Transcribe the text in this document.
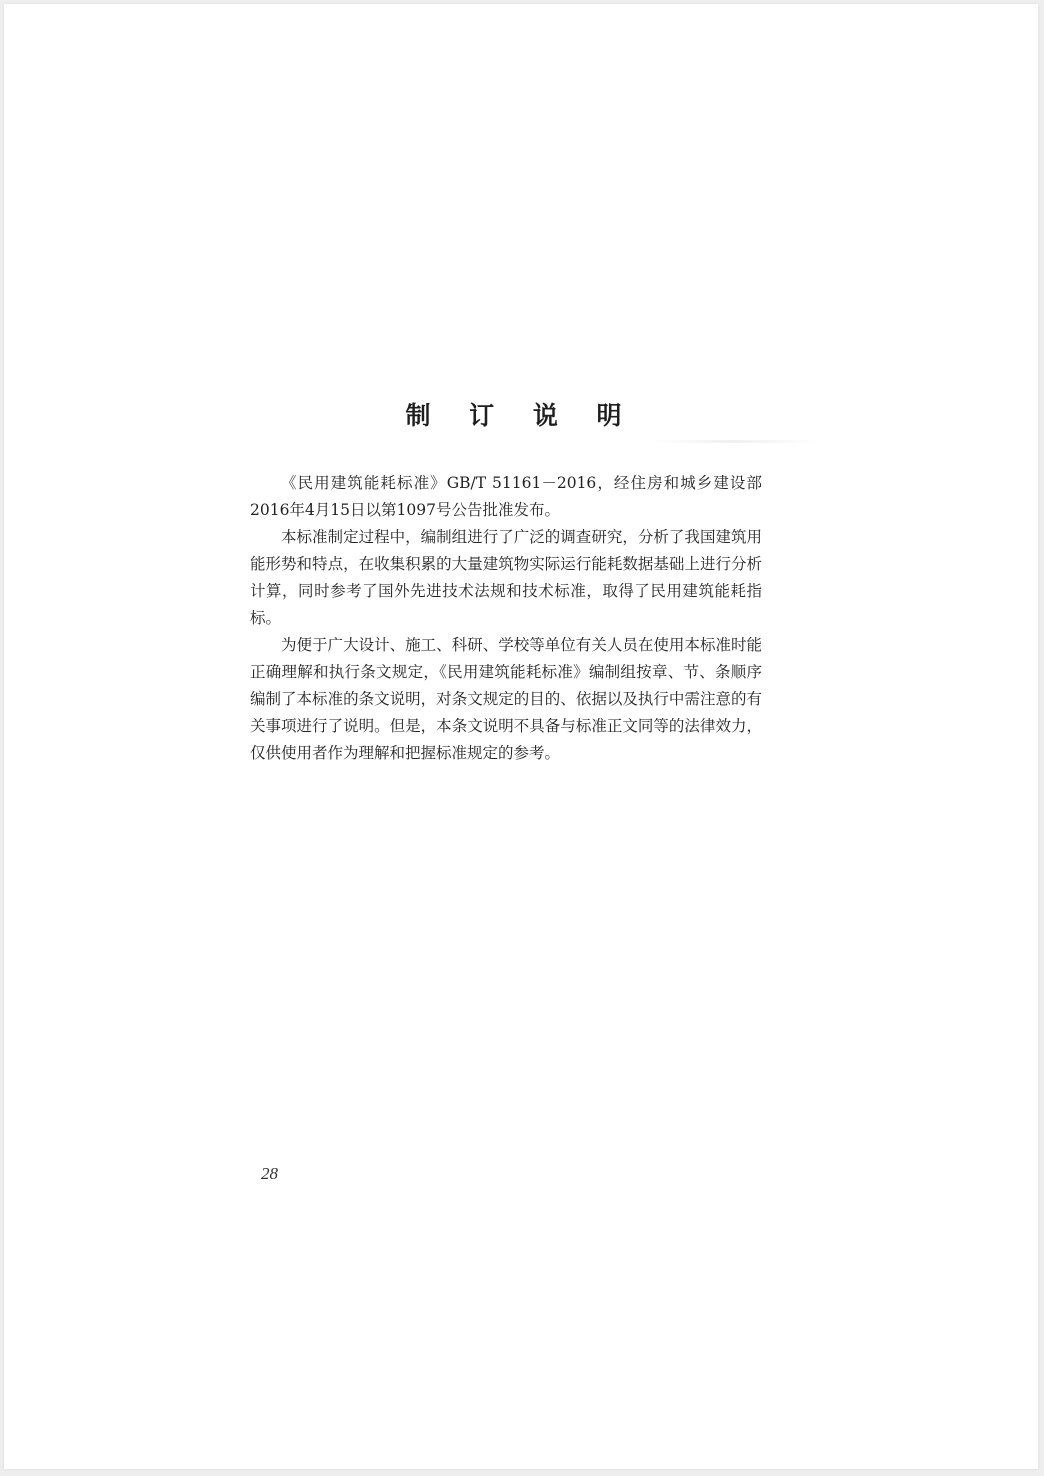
制 订 说 明

《民用建筑能耗标准》GB/T 51161－2016，经住房和城乡建设部2016年4月15日以第1097号公告批准发布。

本标准制定过程中，编制组进行了广泛的调查研究，分析了我国建筑用能形势和特点，在收集积累的大量建筑物实际运行能耗数据基础上进行分析计算，同时参考了国外先进技术法规和技术标准，取得了民用建筑能耗指标。

为便于广大设计、施工、科研、学校等单位有关人员在使用本标准时能正确理解和执行条文规定，《民用建筑能耗标准》编制组按章、节、条顺序编制了本标准的条文说明，对条文规定的目的、依据以及执行中需注意的有关事项进行了说明。但是，本条文说明不具备与标准正文同等的法律效力，仅供使用者作为理解和把握标准规定的参考。

28
